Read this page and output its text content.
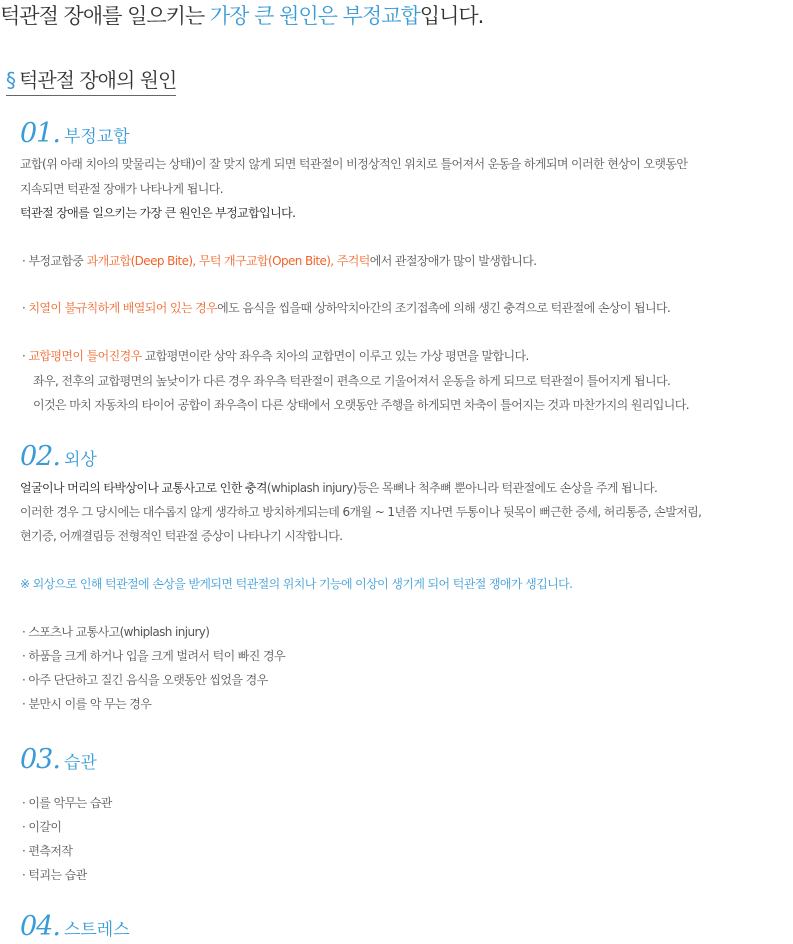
턱관절 장애를 일으키는 가장 큰 원인은 부정교합입니다.
§ 턱관절 장애의 원인
01. 부정교합
교합(위 아래 치아의 맞물리는 상태)이 잘 맞지 않게 되면 턱관절이 비정상적인 위치로 틀어져서 운동을 하게되며 이러한 현상이 오랫동안
지속되면 턱관절 장애가 나타나게 됩니다.
턱관절 장애를 일으키는 가장 큰 원인은 부정교합입니다.
· 부정교합중 과개교합(Deep Bite), 무턱 개구교합(Open Bite), 주걱턱에서 관절장애가 많이 발생합니다.
· 치열이 불규칙하게 배열되어 있는 경우에도 음식을 씹을때 상하악치아간의 조기접촉에 의해 생긴 충격으로 턱관절에 손상이 됩니다.
· 교합평면이 틀어진경우 교합평면이란 상악 좌우측 치아의 교합면이 이루고 있는 가상 평면을 말합니다.
좌우, 전후의 교합평면의 높낮이가 다른 경우 좌우측 턱관절이 편측으로 기울어져서 운동을 하게 되므로 턱관절이 틀어지게 됩니다.
이것은 마치 자동차의 타이어 공합이 좌우측이 다른 상태에서 오랫동안 주행을 하게되면 차축이 틀어지는 것과 마찬가지의 원리입니다.
02. 외상
얼굴이나 머리의 타박상이나 교통사고로 인한 충격(whiplash injury)등은 목뼈나 척추뼈 뿐아니라 턱관절에도 손상을 주게 됩니다.
이러한 경우 그 당시에는 대수롭지 않게 생각하고 방치하게되는데 6개월 ~ 1년쯤 지나면 두통이나 뒷목이 뻐근한 증세, 허리통증, 손발저림,
현기증, 어깨결림등 전형적인 턱관절 증상이 나타나기 시작합니다.
※ 외상으로 인해 턱관절에 손상을 받게되면 턱관절의 위치나 기능에 이상이 생기게 되어 턱관절 쟁애가 생깁니다.
· 스포츠나 교통사고(whiplash injury)
· 하품을 크게 하거나 입을 크게 벌려서 턱이 빠진 경우
· 아주 단단하고 질긴 음식을 오랫동안 씹었을 경우
· 분만시 이를 악 무는 경우
03. 습관
· 이를 악무는 습관
· 이갈이
· 편측저작
· 턱괴는 습관
04. 스트레스
